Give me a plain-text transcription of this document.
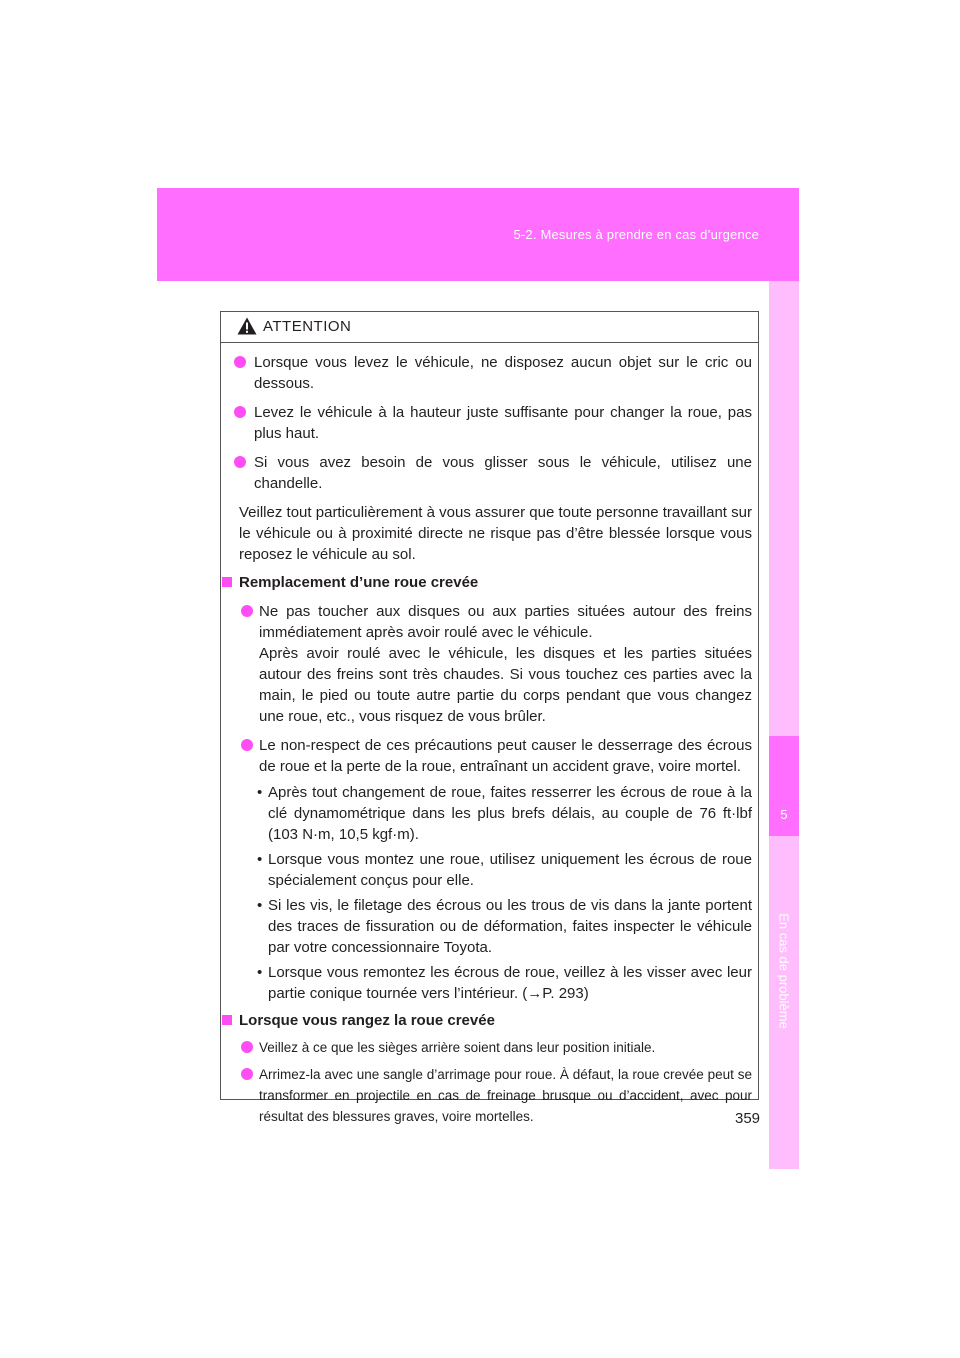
5-2. Mesures à prendre en cas d’urgence
5
En cas de problème
ATTENTION
Lorsque vous levez le véhicule, ne disposez aucun objet sur le cric ou dessous.
Levez le véhicule à la hauteur juste suffisante pour changer la roue, pas plus haut.
Si vous avez besoin de vous glisser sous le véhicule, utilisez une chandelle.
Veillez tout particulièrement à vous assurer que toute personne travaillant sur le véhicule ou à proximité directe ne risque pas d’être blessée lorsque vous reposez le véhicule au sol.
Remplacement d’une roue crevée
Ne pas toucher aux disques ou aux parties situées autour des freins immédiatement après avoir roulé avec le véhicule.
Après avoir roulé avec le véhicule, les disques et les parties situées autour des freins sont très chaudes. Si vous touchez ces parties avec la main, le pied ou toute autre partie du corps pendant que vous changez une roue, etc., vous risquez de vous brûler.
Le non-respect de ces précautions peut causer le desserrage des écrous de roue et la perte de la roue, entraînant un accident grave, voire mortel.
• Après tout changement de roue, faites resserrer les écrous de roue à la clé dynamométrique dans les plus brefs délais, au couple de 76 ft·lbf (103 N·m, 10,5 kgf·m).
• Lorsque vous montez une roue, utilisez uniquement les écrous de roue spécialement conçus pour elle.
• Si les vis, le filetage des écrous ou les trous de vis dans la jante portent des traces de fissuration ou de déformation, faites inspecter le véhicule par votre concessionnaire Toyota.
• Lorsque vous remontez les écrous de roue, veillez à les visser avec leur partie conique tournée vers l’intérieur. (→P. 293)
Lorsque vous rangez la roue crevée
Veillez à ce que les sièges arrière soient dans leur position initiale.
Arrimez-la avec une sangle d’arrimage pour roue. À défaut, la roue crevée peut se transformer en projectile en cas de freinage brusque ou d’accident, avec pour résultat des blessures graves, voire mortelles.	359
